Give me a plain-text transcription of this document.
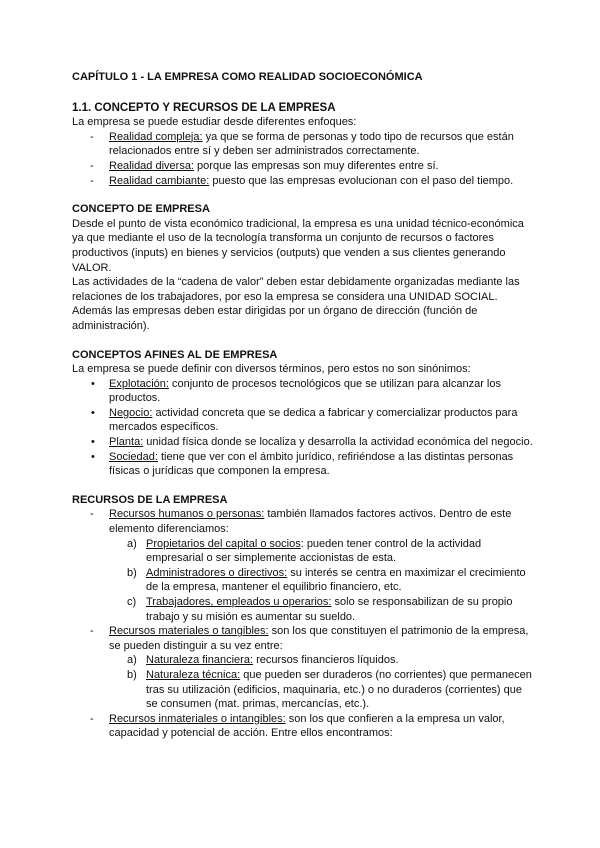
CAPÍTULO 1 - LA EMPRESA COMO REALIDAD SOCIOECONÓMICA
1.1. CONCEPTO Y RECURSOS DE LA EMPRESA

La empresa se puede estudiar desde diferentes enfoques:

- Realidad compleja: ya que se forma de personas y todo tipo de recursos que están relacionados entre sí y deben ser administrados correctamente.
- Realidad diversa: porque las empresas son muy diferentes entre sí.
- Realidad cambiante: puesto que las empresas evolucionan con el paso del tiempo.
CONCEPTO DE EMPRESA

Desde el punto de vista económico tradicional, la empresa es una unidad técnico-económica ya que mediante el uso de la tecnología transforma un conjunto de recursos o factores productivos (inputs) en bienes y servicios (outputs) que venden a sus clientes generando VALOR.

Las actividades de la “cadena de valor” deben estar debidamente organizadas mediante las relaciones de los trabajadores, por eso la empresa se considera una UNIDAD SOCIAL.

Además las empresas deben estar dirigidas por un órgano de dirección (función de administración).

CONCEPTOS AFINES AL DE EMPRESA

La empresa se puede definir con diversos términos, pero estos no son sinónimos:

• Explotación: conjunto de procesos tecnológicos que se utilizan para alcanzar los productos.
• Negocio: actividad concreta que se dedica a fabricar y comercializar productos para mercados específicos.
• Planta: unidad física donde se localiza y desarrolla la actividad económica del negocio.
• Sociedad: tiene que ver con el ámbito jurídico, refiriéndose a las distintas personas físicas o jurídicas que componen la empresa.
RECURSOS DE LA EMPRESA
- Recursos humanos o personas: también llamados factores activos. Dentro de este elemento diferenciamos:
a) Propietarios del capital o socios: pueden tener control de la actividad empresarial o ser simplemente accionistas de esta.
b) Administradores o directivos: su interés se centra en maximizar el crecimiento de la empresa, mantener el equilibrio financiero, etc.
c) Trabajadores, empleados u operarios: solo se responsabilizan de su propio trabajo y su misión es aumentar su sueldo.
- Recursos materiales o tangibles: son los que constituyen el patrimonio de la empresa, se pueden distinguir a su vez entre:
a) Naturaleza financiera: recursos financieros líquidos.
b) Naturaleza técnica: que pueden ser duraderos (no corrientes) que permanecen tras su utilización (edificios, maquinaria, etc.) o no duraderos (corrientes) que se consumen (mat. primas, mercancías, etc.).
- Recursos inmateriales o intangibles: son los que confieren a la empresa un valor, capacidad y potencial de acción. Entre ellos encontramos:
